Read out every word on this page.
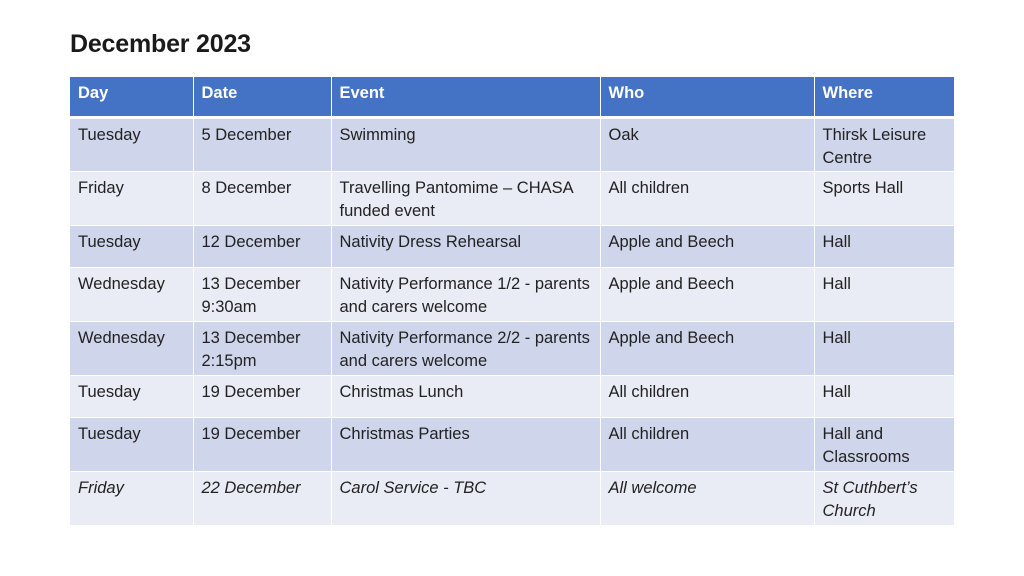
December 2023
Day	Date	Event	Who	Where
Tuesday	5 December	Swimming	Oak	Thirsk Leisure Centre
Friday	8 December	Travelling Pantomime – CHASA funded event	All children	Sports Hall
Tuesday	12 December	Nativity Dress Rehearsal	Apple and Beech	Hall
Wednesday	13 December 9:30am	Nativity Performance 1/2 - parents and carers welcome	Apple and Beech	Hall
Wednesday	13 December 2:15pm	Nativity Performance 2/2 - parents and carers welcome	Apple and Beech	Hall
Tuesday	19 December	Christmas Lunch	All children	Hall
Tuesday	19 December	Christmas Parties	All children	Hall and Classrooms
Friday	22 December	Carol Service - TBC	All welcome	St Cuthbert’s Church
